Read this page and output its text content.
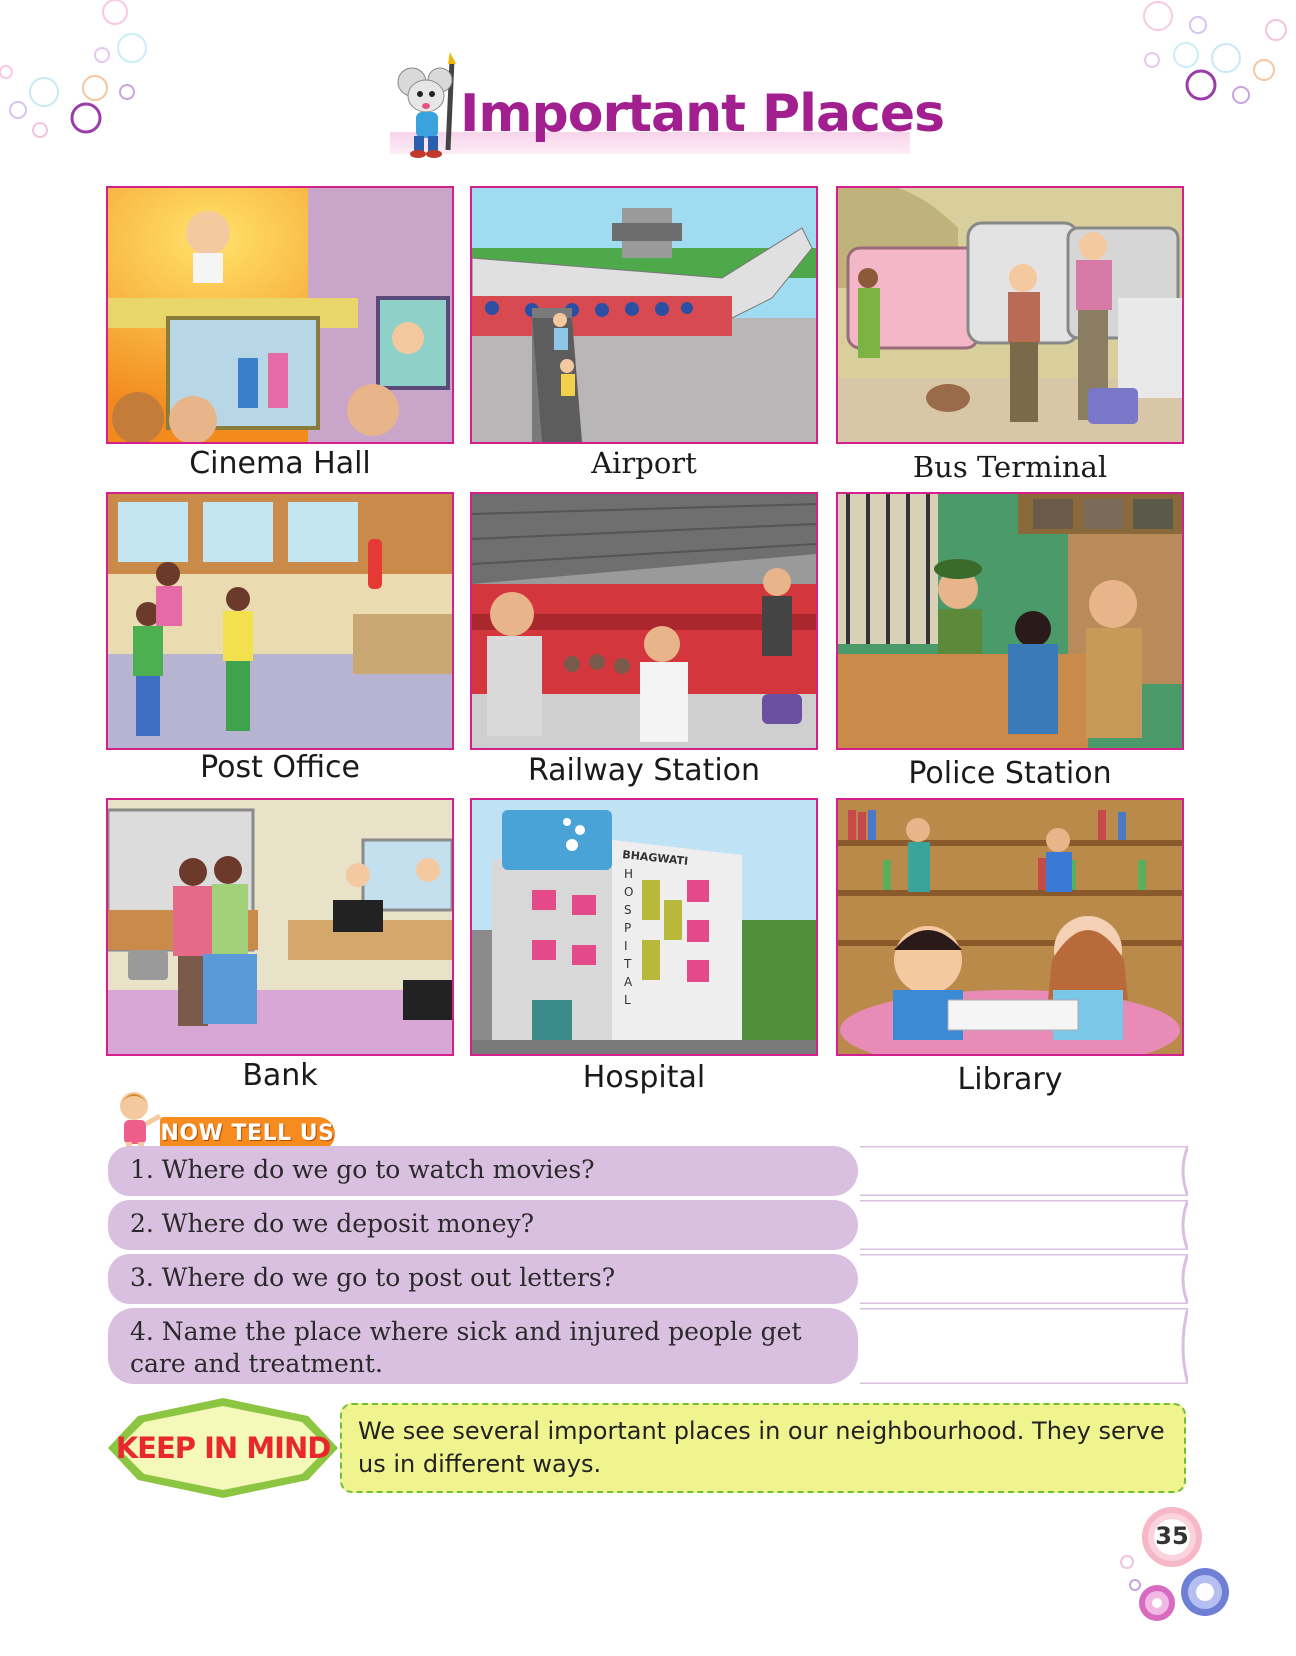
Important Places
Cinema Hall	Airport	Bus Terminal
Post Office	Railway Station	Police Station
Bank
BHAGWATI
H
O
S
P
I
T
A
L
Hospital	Library
NOW TELL US
1. Where do we go to watch movies?
2. Where do we deposit money?
3. Where do we go to post out letters?
4. Name the place where sick and injured people get care and treatment.
KEEP IN MIND	We see several important places in our neighbourhood. They serve us in different ways.

35
